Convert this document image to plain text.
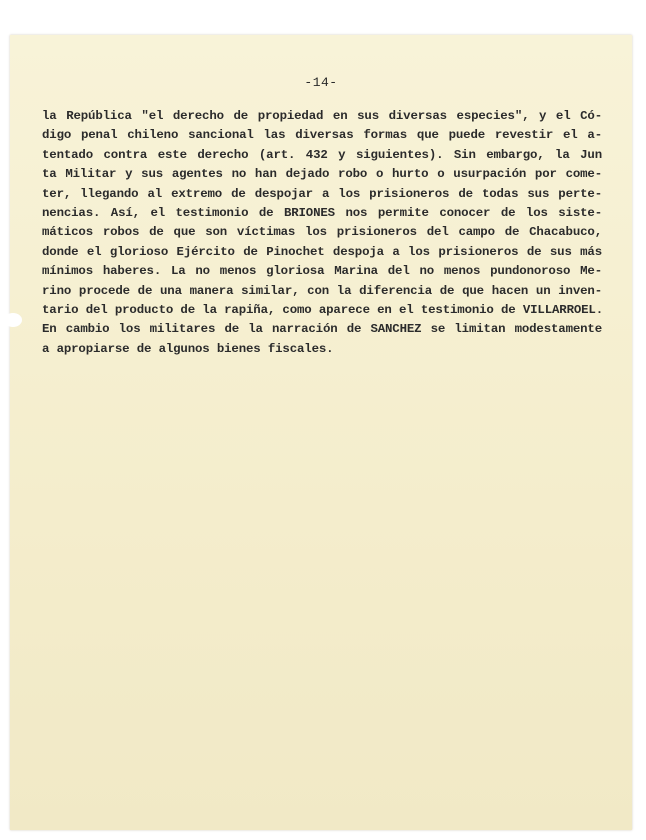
-14-
la República "el derecho de propiedad en sus diversas especies", y el Có-
digo penal chileno sancional las diversas formas que puede revestir el a-
tentado contra este derecho (art. 432 y siguientes). Sin embargo, la Jun
ta Militar y sus agentes no han dejado robo o hurto o usurpación por come-
ter, llegando al extremo de despojar a los prisioneros de todas sus perte-
nencias. Así, el testimonio de BRIONES nos permite conocer de los siste-
máticos robos de que son víctimas los prisioneros del campo de Chacabuco,
donde el glorioso Ejército de Pinochet despoja a los prisioneros de sus más
mínimos haberes. La no menos gloriosa Marina del no menos pundonoroso Me-
rino procede de una manera similar, con la diferencia de que hacen un inven-
tario del producto de la rapiña, como aparece en el testimonio de VILLARROEL.
En cambio los militares de la narración de SANCHEZ se limitan modestamente
a apropiarse de algunos bienes fiscales.
